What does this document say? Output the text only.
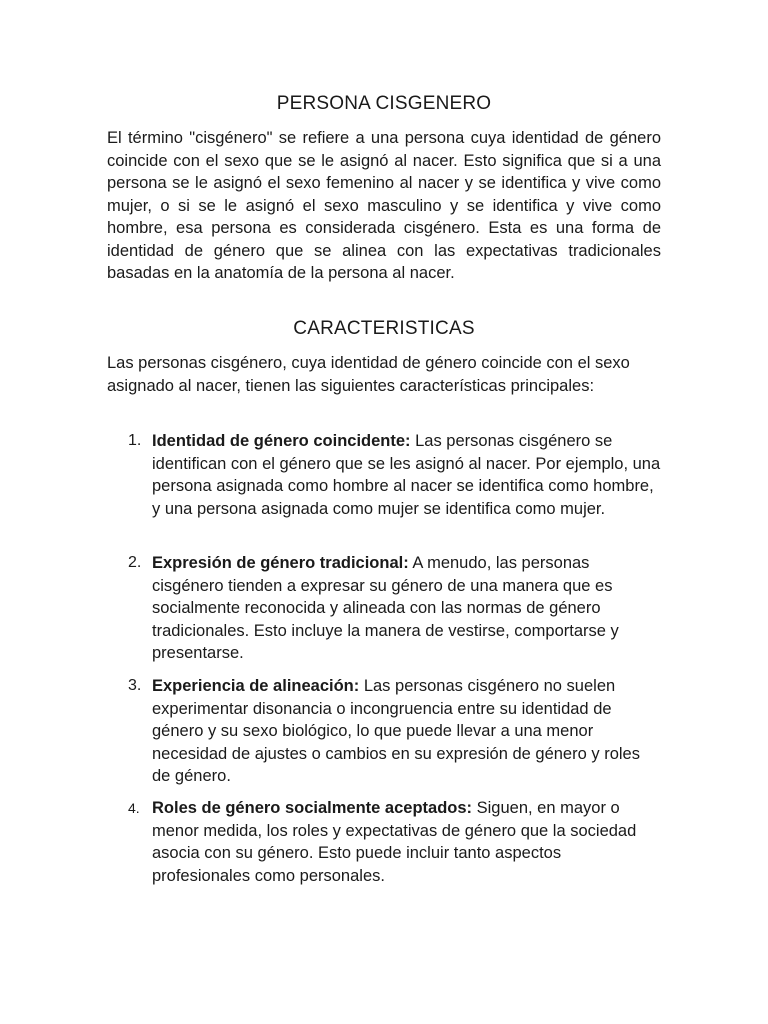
PERSONA CISGENERO

El término "cisgénero" se refiere a una persona cuya identidad de género coincide con el sexo que se le asignó al nacer. Esto significa que si a una persona se le asignó el sexo femenino al nacer y se identifica y vive como mujer, o si se le asignó el sexo masculino y se identifica y vive como hombre, esa persona es considerada cisgénero. Esta es una forma de identidad de género que se alinea con las expectativas tradicionales basadas en la anatomía de la persona al nacer.

CARACTERISTICAS

Las personas cisgénero, cuya identidad de género coincide con el sexo asignado al nacer, tienen las siguientes características principales:

1. Identidad de género coincidente: Las personas cisgénero se identifican con el género que se les asignó al nacer. Por ejemplo, una persona asignada como hombre al nacer se identifica como hombre, y una persona asignada como mujer se identifica como mujer.

2. Expresión de género tradicional: A menudo, las personas cisgénero tienden a expresar su género de una manera que es socialmente reconocida y alineada con las normas de género tradicionales. Esto incluye la manera de vestirse, comportarse y presentarse.

3. Experiencia de alineación: Las personas cisgénero no suelen experimentar disonancia o incongruencia entre su identidad de género y su sexo biológico, lo que puede llevar a una menor necesidad de ajustes o cambios en su expresión de género y roles de género.

4. Roles de género socialmente aceptados: Siguen, en mayor o menor medida, los roles y expectativas de género que la sociedad asocia con su género. Esto puede incluir tanto aspectos profesionales como personales.
